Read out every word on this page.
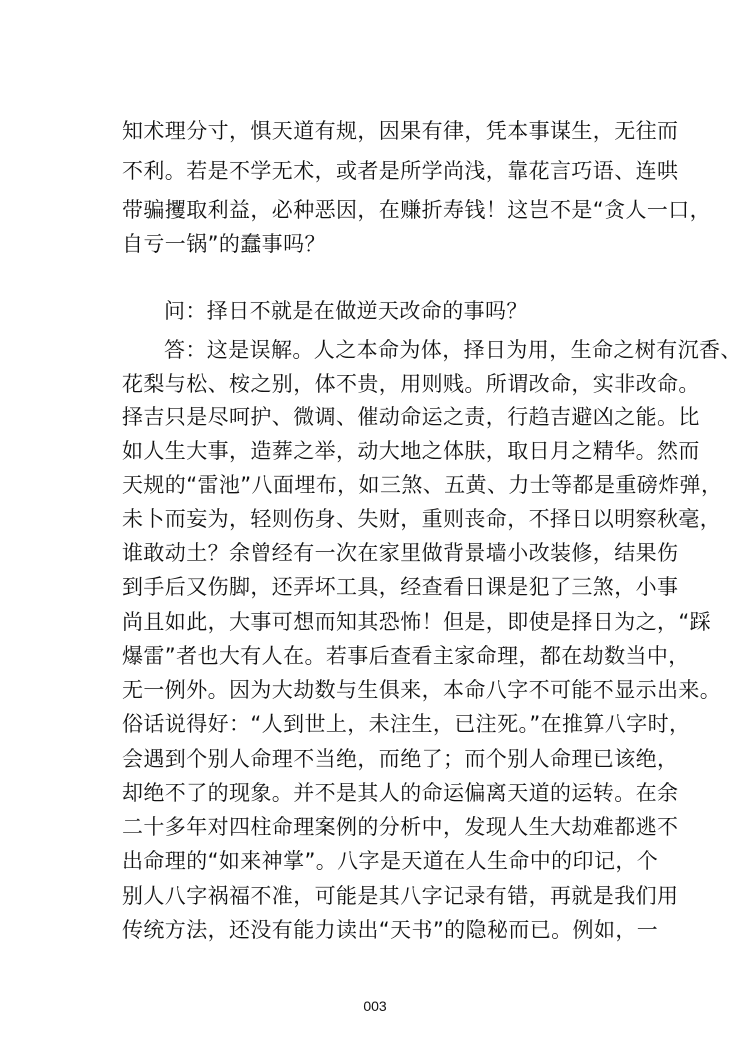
知术理分寸，惧天道有规，因果有律，凭本事谋生，无往而
不利。若是不学无术，或者是所学尚浅，靠花言巧语、连哄
带骗攫取利益，必种恶因，在赚折寿钱！这岂不是“贪人一口，
自亏一锅”的蠢事吗？
问：择日不就是在做逆天改命的事吗？
答：这是误解。人之本命为体，择日为用，生命之树有沉香、
花梨与松、桉之别，体不贵，用则贱。所谓改命，实非改命。
择吉只是尽呵护、微调、催动命运之责，行趋吉避凶之能。比
如人生大事，造葬之举，动大地之体肤，取日月之精华。然而
天规的“雷池”八面埋布，如三煞、五黄、力士等都是重磅炸弹，
未卜而妄为，轻则伤身、失财，重则丧命，不择日以明察秋毫，
谁敢动土？余曾经有一次在家里做背景墙小改装修，结果伤
到手后又伤脚，还弄坏工具，经查看日课是犯了三煞，小事
尚且如此，大事可想而知其恐怖！但是，即使是择日为之，“踩
爆雷”者也大有人在。若事后查看主家命理，都在劫数当中，
无一例外。因为大劫数与生俱来，本命八字不可能不显示出来。
俗话说得好：“人到世上，未注生，已注死。”在推算八字时，
会遇到个别人命理不当绝，而绝了；而个别人命理已该绝，
却绝不了的现象。并不是其人的命运偏离天道的运转。在余
二十多年对四柱命理案例的分析中，发现人生大劫难都逃不
出命理的“如来神掌”。八字是天道在人生命中的印记，个
别人八字祸福不准，可能是其八字记录有错，再就是我们用
传统方法，还没有能力读出“天书”的隐秘而已。例如，一
003
